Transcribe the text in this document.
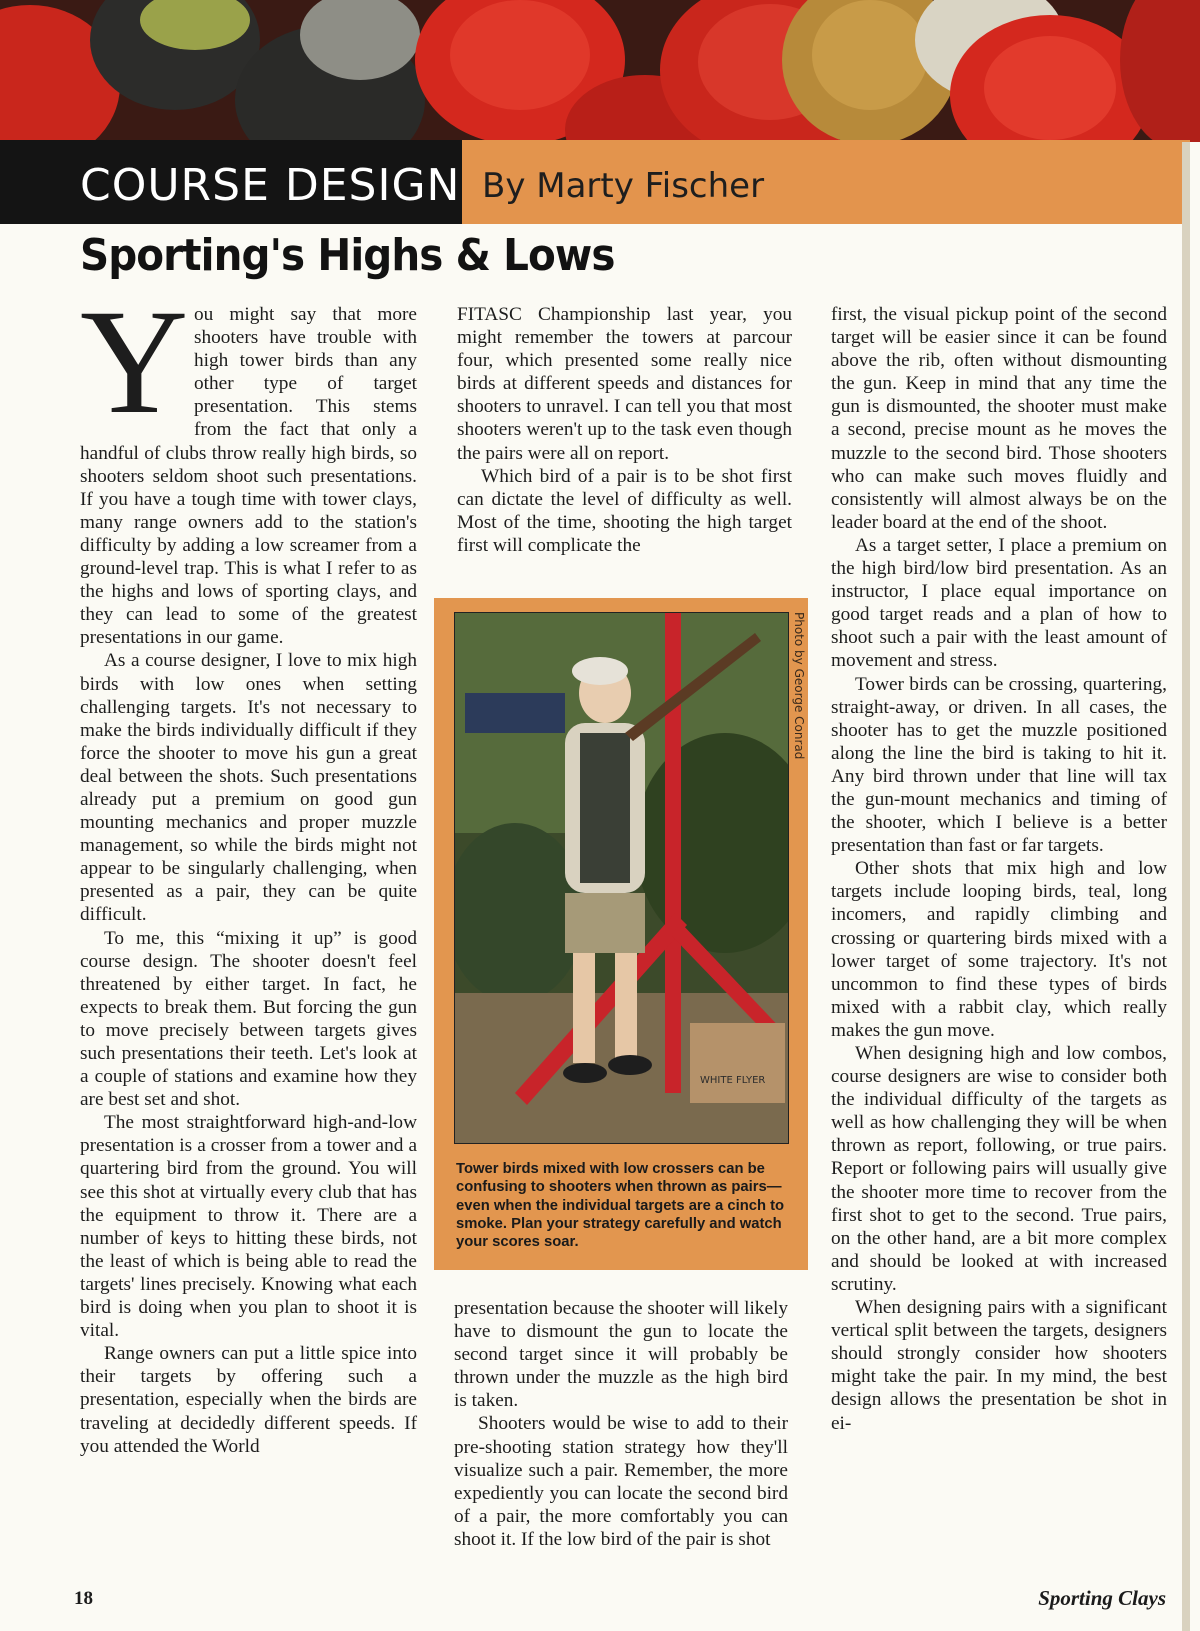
COURSE DESIGN By Marty Fischer
Sporting's Highs & Lows

You might say that more shooters have trouble with high tower birds than any other type of target presentation. This stems from the fact that only a handful of clubs throw really high birds, so shooters seldom shoot such presentations. If you have a tough time with tower clays, many range owners add to the station's difficulty by adding a low screamer from a ground-level trap. This is what I refer to as the highs and lows of sporting clays, and they can lead to some of the greatest presentations in our game.

As a course designer, I love to mix high birds with low ones when setting challenging targets. It's not necessary to make the birds individually difficult if they force the shooter to move his gun a great deal between the shots. Such presentations already put a premium on good gun mounting mechanics and proper muzzle management, so while the birds might not appear to be singularly challenging, when presented as a pair, they can be quite difficult.

To me, this “mixing it up” is good course design. The shooter doesn't feel threatened by either target. In fact, he expects to break them. But forcing the gun to move precisely between targets gives such presentations their teeth. Let's look at a couple of stations and examine how they are best set and shot.

The most straightforward high-and-low presentation is a crosser from a tower and a quartering bird from the ground. You will see this shot at virtually every club that has the equipment to throw it. There are a number of keys to hitting these birds, not the least of which is being able to read the targets' lines precisely. Knowing what each bird is doing when you plan to shoot it is vital.

Range owners can put a little spice into their targets by offering such a presentation, especially when the birds are traveling at decidedly different speeds. If you attended the World

FITASC Championship last year, you might remember the towers at parcour four, which presented some really nice birds at different speeds and distances for shooters to unravel. I can tell you that most shooters weren't up to the task even though the pairs were all on report.

Which bird of a pair is to be shot first can dictate the level of difficulty as well. Most of the time, shooting the high target first will complicate the

WHITE FLYER
Photo by George Conrad
Tower birds mixed with low crossers can be confusing to shooters when thrown as pairs—even when the individual targets are a cinch to smoke. Plan your strategy carefully and watch your scores soar.

presentation because the shooter will likely have to dismount the gun to locate the second target since it will probably be thrown under the muzzle as the high bird is taken.

Shooters would be wise to add to their pre-shooting station strategy how they'll visualize such a pair. Remember, the more expediently you can locate the second bird of a pair, the more comfortably you can shoot it. If the low bird of the pair is shot

first, the visual pickup point of the second target will be easier since it can be found above the rib, often without dismounting the gun. Keep in mind that any time the gun is dismounted, the shooter must make a second, precise mount as he moves the muzzle to the second bird. Those shooters who can make such moves fluidly and consistently will almost always be on the leader board at the end of the shoot.

As a target setter, I place a premium on the high bird/low bird presentation. As an instructor, I place equal importance on good target reads and a plan of how to shoot such a pair with the least amount of movement and stress.

Tower birds can be crossing, quartering, straight-away, or driven. In all cases, the shooter has to get the muzzle positioned along the line the bird is taking to hit it. Any bird thrown under that line will tax the gun-mount mechanics and timing of the shooter, which I believe is a better presentation than fast or far targets.

Other shots that mix high and low targets include looping birds, teal, long incomers, and rapidly climbing and crossing or quartering birds mixed with a lower target of some trajectory. It's not uncommon to find these types of birds mixed with a rabbit clay, which really makes the gun move.

When designing high and low combos, course designers are wise to consider both the individual difficulty of the targets as well as how challenging they will be when thrown as report, following, or true pairs. Report or following pairs will usually give the shooter more time to recover from the first shot to get to the second. True pairs, on the other hand, are a bit more complex and should be looked at with increased scrutiny.

When designing pairs with a significant vertical split between the targets, designers should strongly consider how shooters might take the pair. In my mind, the best design allows the presentation be shot in ei-

18	Sporting Clays
